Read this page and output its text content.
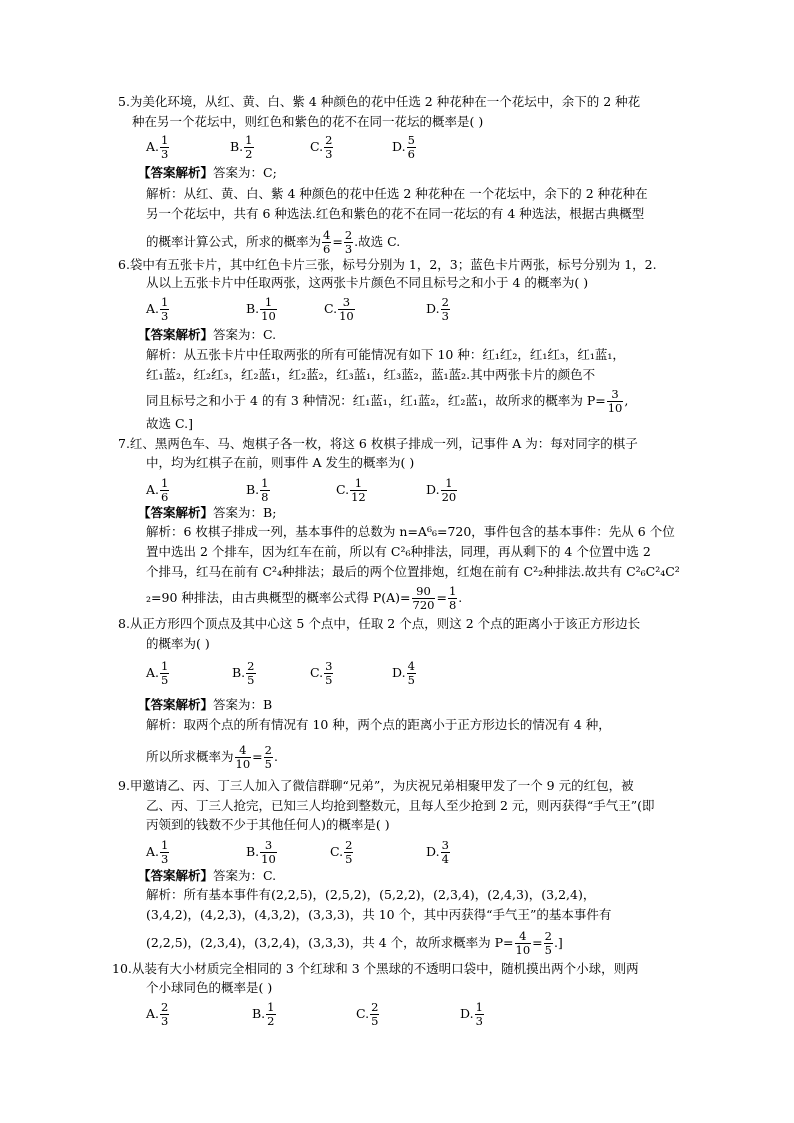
5.为美化环境，从红、黄、白、紫 4 种颜色的花中任选 2 种花种在一个花坛中，余下的 2 种花
种在另一个花坛中，则红色和紫色的花不在同一花坛的概率是( )
A. $\frac{1}{3}$	B. $\frac{1}{2}$	C. $\frac{2}{3}$	D. $\frac{5}{6}$
【答案解析】答案为：C;
解析：从红、黄、白、紫 4 种颜色的花中任选 2 种花种在 一个花坛中，余下的 2 种花种在
另一个花坛中，共有 6 种选法.红色和紫色的花不在同一花坛的有 4 种选法，根据古典概型
的概率计算公式，所求的概率为 $\frac{4}{6} = \frac{2}{3}$ .故选 C.
6.袋中有五张卡片，其中红色卡片三张，标号分别为 1，2，3；蓝色卡片两张，标号分别为 1，2.
从以上五张卡片中任取两张，这两张卡片颜色不同且标号之和小于 4 的概率为( )
A. $\frac{1}{3}$	B. $\frac{1}{10}$	C. $\frac{3}{10}$	D. $\frac{2}{3}$
【答案解析】答案为：C.
解析：从五张卡片中任取两张的所有可能情况有如下 10 种：红₁红₂，红₁红₃，红₁蓝₁，
红₁蓝₂，红₂红₃，红₂蓝₁，红₂蓝₂，红₃蓝₁，红₃蓝₂，蓝₁蓝₂.其中两张卡片的颜色不
同且标号之和小于 4 的有 3 种情况：红₁蓝₁，红₁蓝₂，红₂蓝₁，故所求的概率为 $P= \frac{3}{10}$ ,
故选 C.]
7.红、黑两色车、马、炮棋子各一枚，将这 6 枚棋子排成一列，记事件 A 为：每对同字的棋子
中，均为红棋子在前，则事件 A 发生的概率为( )
A. $\frac{1}{6}$	B. $\frac{1}{8}$	C. $\frac{1}{12}$	D. $\frac{1}{20}$
【答案解析】答案为：B;
解析：6 枚棋子排成一列，基本事件的总数为 n=A⁶₆=720，事件包含的基本事件：先从 6 个位
置中选出 2 个排车，因为红车在前，所以有 C²₆种排法，同理，再从剩下的 4 个位置中选 2
个排马，红马在前有 C²₄种排法；最后的两个位置排炮，红炮在前有 C²₂种排法.故共有 C²₆C²₄C²
₂=90 种排法，由古典概型的概率公式得 $P(A)= \frac{90}{720} = \frac{1}{8}$ .
8.从正方形四个顶点及其中心这 5 个点中，任取 2 个点，则这 2 个点的距离小于该正方形边长
的概率为( )
A. $\frac{1}{5}$	B. $\frac{2}{5}$	C. $\frac{3}{5}$	D. $\frac{4}{5}$
【答案解析】答案为：B
解析：取两个点的所有情况有 10 种，两个点的距离小于正方形边长的情况有 4 种，
所以所求概率为 $\frac{4}{10} = \frac{2}{5}$ .
9.甲邀请乙、丙、丁三人加入了微信群聊“兄弟”，为庆祝兄弟相聚甲发了一个 9 元的红包，被
乙、丙、丁三人抢完，已知三人均抢到整数元，且每人至少抢到 2 元，则丙获得“手气王”(即
丙领到的钱数不少于其他任何人)的概率是( )
A. $\frac{1}{3}$	B. $\frac{3}{10}$	C. $\frac{2}{5}$	D. $\frac{3}{4}$
【答案解析】答案为：C.
解析：所有基本事件有(2,2,5)，(2,5,2)，(5,2,2)，(2,3,4)，(2,4,3)，(3,2,4)，
(3,4,2)，(4,2,3)，(4,3,2)，(3,3,3)，共 10 个，其中丙获得“手气王”的基本事件有
(2,2,5)，(2,3,4)，(3,2,4)，(3,3,3)，共 4 个，故所求概率为 $P= \frac{4}{10} = \frac{2}{5}$ .]
10.从装有大小材质完全相同的 3 个红球和 3 个黑球的不透明口袋中，随机摸出两个小球，则两
个小球同色的概率是( )
A. $\frac{2}{3}$	B. $\frac{1}{2}$	C. $\frac{2}{5}$	D. $\frac{1}{3}$
